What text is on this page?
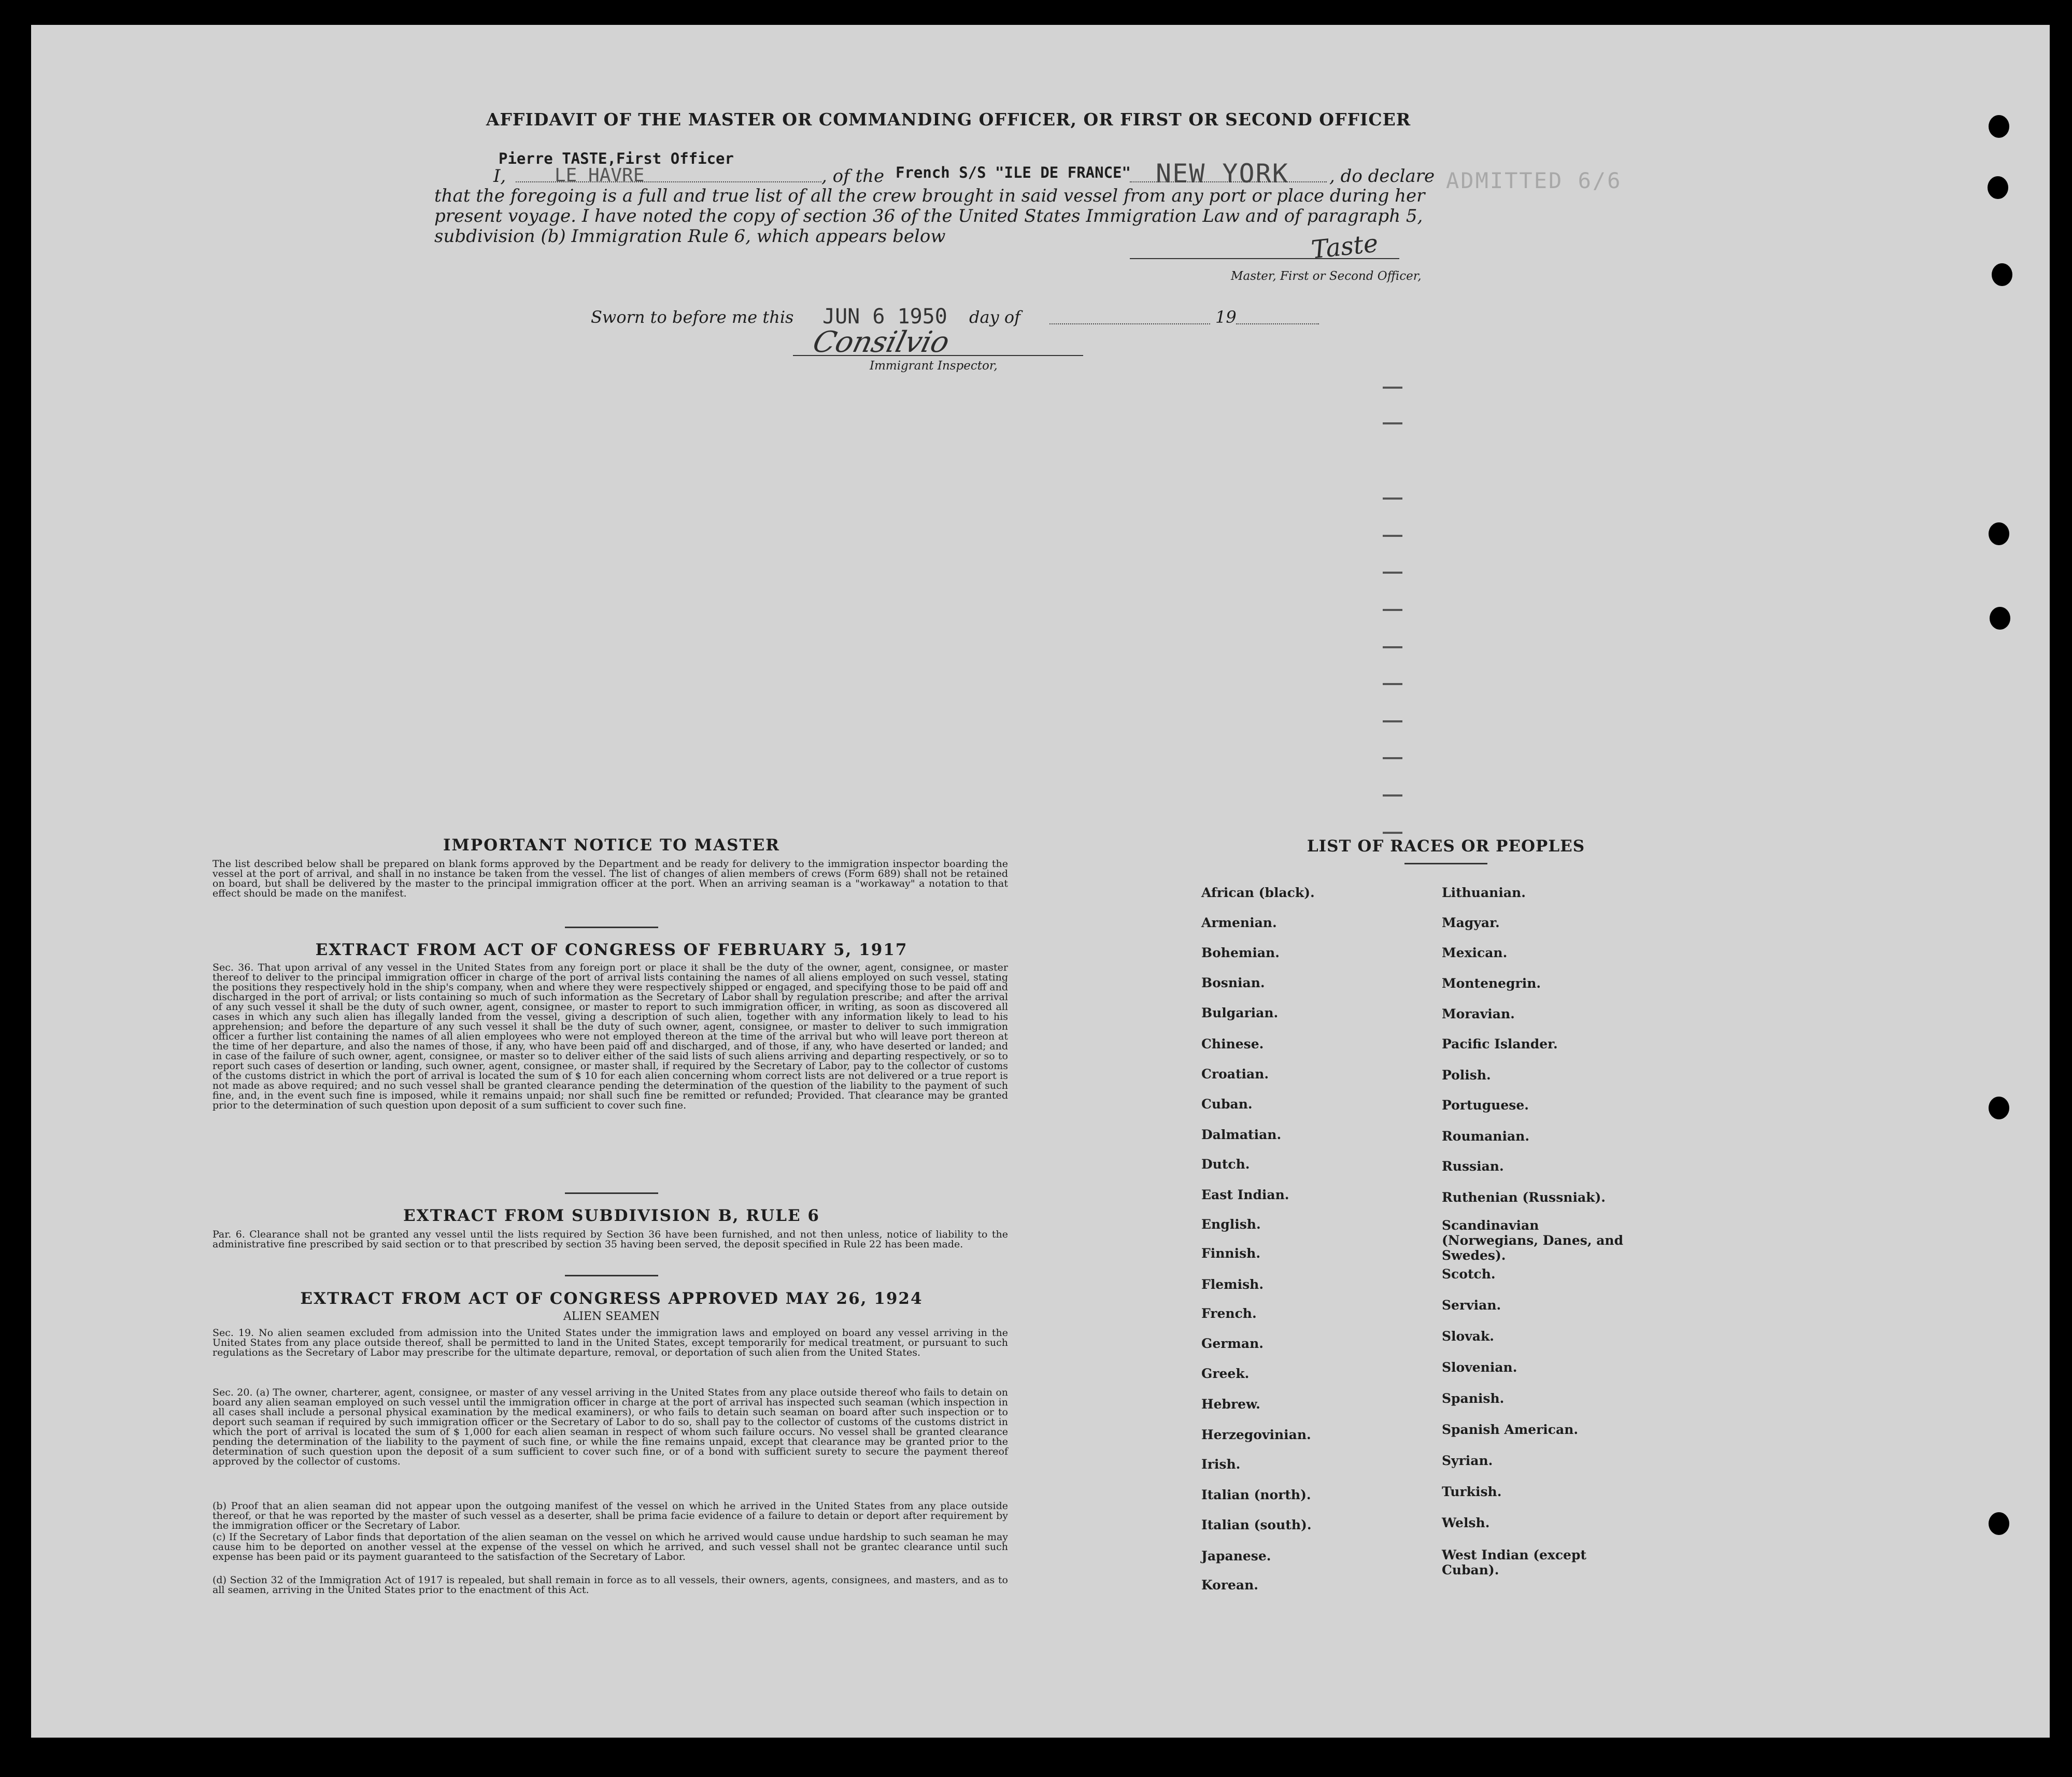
AFFIDAVIT OF THE MASTER OR COMMANDING OFFICER, OR FIRST OR SECOND OFFICER
Pierre TASTE,First Officer
I,	LE HAVRE	, of the French S/S "ILE DE FRANCE" NEW YORK , do declare
that the foregoing is a full and true list of all the crew brought in said vessel from any port or place during her
present voyage. I have noted the copy of section 36 of the United States Immigration Law and of paragraph 5,
subdivision (b) Immigration Rule 6, which appears below
ADMITTED 6/6
Taste
Master, First or Second Officer,
Sworn to before me this JUN 6 1950 day of	19
Consilvio
Immigrant Inspector,
IMPORTANT NOTICE TO MASTER
The list described below shall be prepared on blank forms approved by the Department and be ready for delivery to the immigration inspector boarding the vessel at the port of arrival, and shall in no instance be taken from the vessel. The list of changes of alien members of crews (Form 689) shall not be retained on board, but shall be delivered by the master to the principal immigration officer at the port. When an arriving seaman is a "workaway" a notation to that effect should be made on the manifest.
EXTRACT FROM ACT OF CONGRESS OF FEBRUARY 5, 1917
Sec. 36. That upon arrival of any vessel in the United States from any foreign port or place it shall be the duty of the owner, agent, consignee, or master thereof to deliver to the principal immigration officer in charge of the port of arrival lists containing the names of all aliens employed on such vessel, stating the positions they respectively hold in the ship's company, when and where they were respectively shipped or engaged, and specifying those to be paid off and discharged in the port of arrival; or lists containing so much of such information as the Secretary of Labor shall by regulation prescribe; and after the arrival of any such vessel it shall be the duty of such owner, agent, consignee, or master to report to such immigration officer, in writing, as soon as discovered all cases in which any such alien has illegally landed from the vessel, giving a description of such alien, together with any information likely to lead to his apprehension; and before the departure of any such vessel it shall be the duty of such owner, agent, consignee, or master to deliver to such immigration officer a further list containing the names of all alien employees who were not employed thereon at the time of the arrival but who will leave port thereon at the time of her departure, and also the names of those, if any, who have been paid off and discharged, and of those, if any, who have deserted or landed; and in case of the failure of such owner, agent, consignee, or master so to deliver either of the said lists of such aliens arriving and departing respectively, or so to report such cases of desertion or landing, such owner, agent, consignee, or master shall, if required by the Secretary of Labor, pay to the collector of customs of the customs district in which the port of arrival is located the sum of $ 10 for each alien concerning whom correct lists are not delivered or a true report is not made as above required; and no such vessel shall be granted clearance pending the determination of the question of the liability to the payment of such fine, and, in the event such fine is imposed, while it remains unpaid; nor shall such fine be remitted or refunded; Provided. That clearance may be granted prior to the determination of such question upon deposit of a sum sufficient to cover such fine.
EXTRACT FROM SUBDIVISION B, RULE 6
Par. 6. Clearance shall not be granted any vessel until the lists required by Section 36 have been furnished, and not then unless, notice of liability to the administrative fine prescribed by said section or to that prescribed by section 35 having been served, the deposit specified in Rule 22 has been made.
EXTRACT FROM ACT OF CONGRESS APPROVED MAY 26, 1924
ALIEN SEAMEN
Sec. 19. No alien seamen excluded from admission into the United States under the immigration laws and employed on board any vessel arriving in the United States from any place outside thereof, shall be permitted to land in the United States, except temporarily for medical treatment, or pursuant to such regulations as the Secretary of Labor may prescribe for the ultimate departure, removal, or deportation of such alien from the United States.
Sec. 20. (a) The owner, charterer, agent, consignee, or master of any vessel arriving in the United States from any place outside thereof who fails to detain on board any alien seaman employed on such vessel until the immigration officer in charge at the port of arrival has inspected such seaman (which inspection in all cases shall include a personal physical examination by the medical examiners), or who fails to detain such seaman on board after such inspection or to deport such seaman if required by such immigration officer or the Secretary of Labor to do so, shall pay to the collector of customs of the customs district in which the port of arrival is located the sum of $ 1,000 for each alien seaman in respect of whom such failure occurs. No vessel shall be granted clearance pending the determination of the liability to the payment of such fine, or while the fine remains unpaid, except that clearance may be granted prior to the determination of such question upon the deposit of a sum sufficient to cover such fine, or of a bond with sufficient surety to secure the payment thereof approved by the collector of customs.
(b) Proof that an alien seaman did not appear upon the outgoing manifest of the vessel on which he arrived in the United States from any place outside thereof, or that he was reported by the master of such vessel as a deserter, shall be prima facie evidence of a failure to detain or deport after requirement by the immigration officer or the Secretary of Labor.
(c) If the Secretary of Labor finds that deportation of the alien seaman on the vessel on which he arrived would cause undue hardship to such seaman he may cause him to be deported on another vessel at the expense of the vessel on which he arrived, and such vessel shall not be grantec clearance until such expense has been paid or its payment guaranteed to the satisfaction of the Secretary of Labor.
(d) Section 32 of the Immigration Act of 1917 is repealed, but shall remain in force as to all vessels, their owners, agents, consignees, and masters, and as to all seamen, arriving in the United States prior to the enactment of this Act.
LIST OF RACES OR PEOPLES
African (black).
Armenian.
Bohemian.
Bosnian.
Bulgarian.
Chinese.
Croatian.
Cuban.
Dalmatian.
Dutch.
East Indian.
English.
Finnish.
Flemish.
French.
German.
Greek.
Hebrew.
Herzegovinian.
Irish.
Italian (north).
Italian (south).
Japanese.
Korean.
Lithuanian.
Magyar.
Mexican.
Montenegrin.
Moravian.
Pacific Islander.
Polish.
Portuguese.
Roumanian.
Russian.
Ruthenian (Russniak).
Scandinavian (Norwegians, Danes, and Swedes).
Scotch.
Servian.
Slovak.
Slovenian.
Spanish.
Spanish American.
Syrian.
Turkish.
Welsh.
West Indian (except Cuban).
